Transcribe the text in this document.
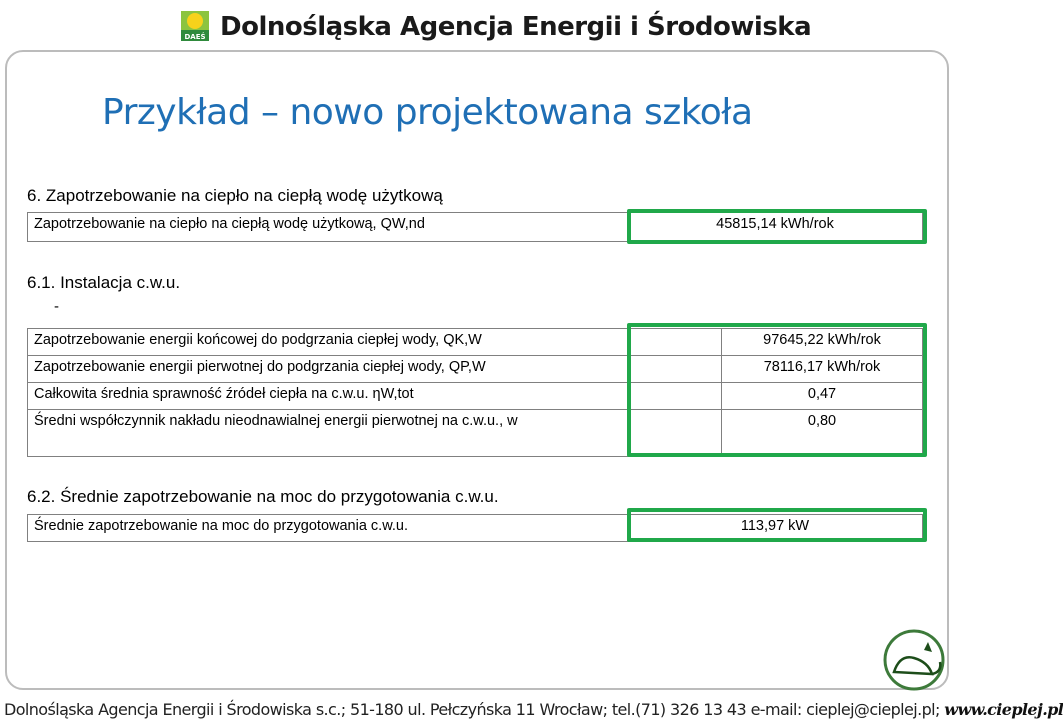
DAEŚ Dolnośląska Agencja Energii i Środowiska
Przykład – nowo projektowana szkoła
6. Zapotrzebowanie na ciepło na ciepłą wodę użytkową
Zapotrzebowanie na ciepło na ciepłą wodę użytkową, QW,nd	45815,14 kWh/rok
6.1. Instalacja c.w.u.
-
Zapotrzebowanie energii końcowej do podgrzania ciepłej wody, QK,W	97645,22 kWh/rok
Zapotrzebowanie energii pierwotnej do podgrzania ciepłej wody, QP,W	78116,17 kWh/rok
Całkowita średnia sprawność źródeł ciepła na c.w.u. ηW,tot	0,47
Średni współczynnik nakładu nieodnawialnej energii pierwotnej na c.w.u., w	0,80
6.2. Średnie zapotrzebowanie na moc do przygotowania c.w.u.
Średnie zapotrzebowanie na moc do przygotowania c.w.u.	113,97 kW
Dolnośląska Agencja Energii i Środowiska s.c.; 51-180 ul. Pełczyńska 11 Wrocław; tel.(71) 326 13 43 e-mail: cieplej@cieplej.pl; www.cieplej.pl
